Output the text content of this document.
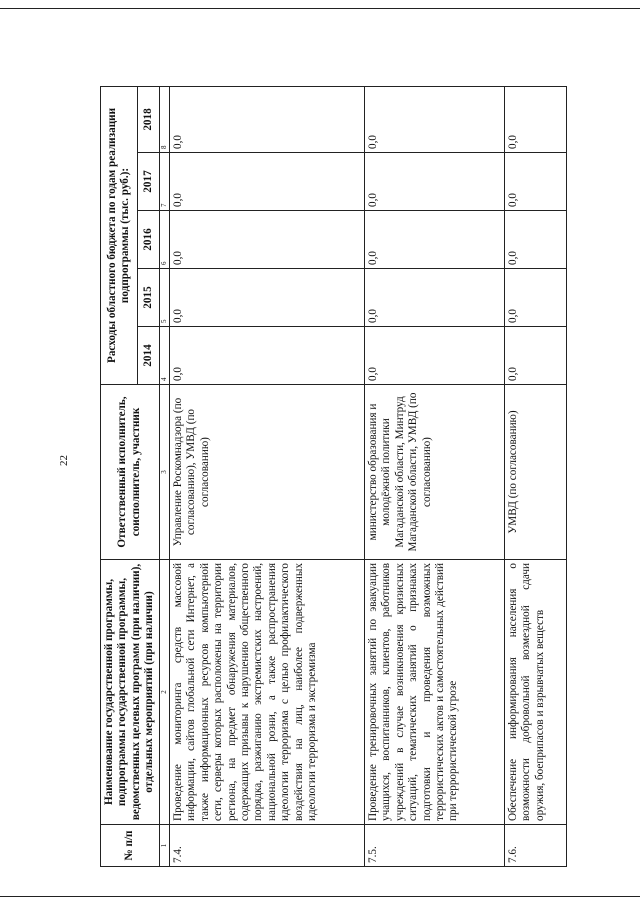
22
№ п/п	Наименование государственной программы, подпрограммы государственной программы, ведомственных целевых программ (при наличии), отдельных мероприятий (при наличии)	Ответственный исполнитель, соисполнитель, участник	Расходы областного бюджета по годам реализации подпрограммы (тыс. руб.):				
			2014	2015	2016	2017	2018
1	2	3	4	5	6	7	8
7.4.	Проведение мониторинга средств массовой информации, сайтов глобальной сети Интернет, а также информационных ресурсов компьютерной сети, серверы которых расположены на территории региона, на предмет обнаружения материалов, содержащих призывы к нарушению общественного порядка, разжиганию экстремистских настроений, национальной розни, а также распространения идеологии терроризма с целью профилактического воздействия на лиц, наиболее подверженных идеологии терроризма и экстремизма	Управление Роскомнадзора (по согласованию), УМВД (по согласованию)	0,0	0,0	0,0	0,0	0,0
7.5.	Проведение тренировочных занятий по эвакуации учащихся, воспитанников, клиентов, работников учреждений в случае возникновения кризисных ситуаций, тематических занятий о признаках подготовки и проведения возможных террористических актов и самостоятельных действий при террористической угрозе	министерство образования и молодёжной политики Магаданской области, Минтруд Магаданской области, УМВД (по согласованию)	0,0	0,0	0,0	0,0	0,0
7.6.	Обеспечение информирования населения о возможности добровольной возмездной сдачи оружия, боеприпасов и взрывчатых веществ	УМВД (по согласованию)	0,0	0,0	0,0	0,0	0,0
